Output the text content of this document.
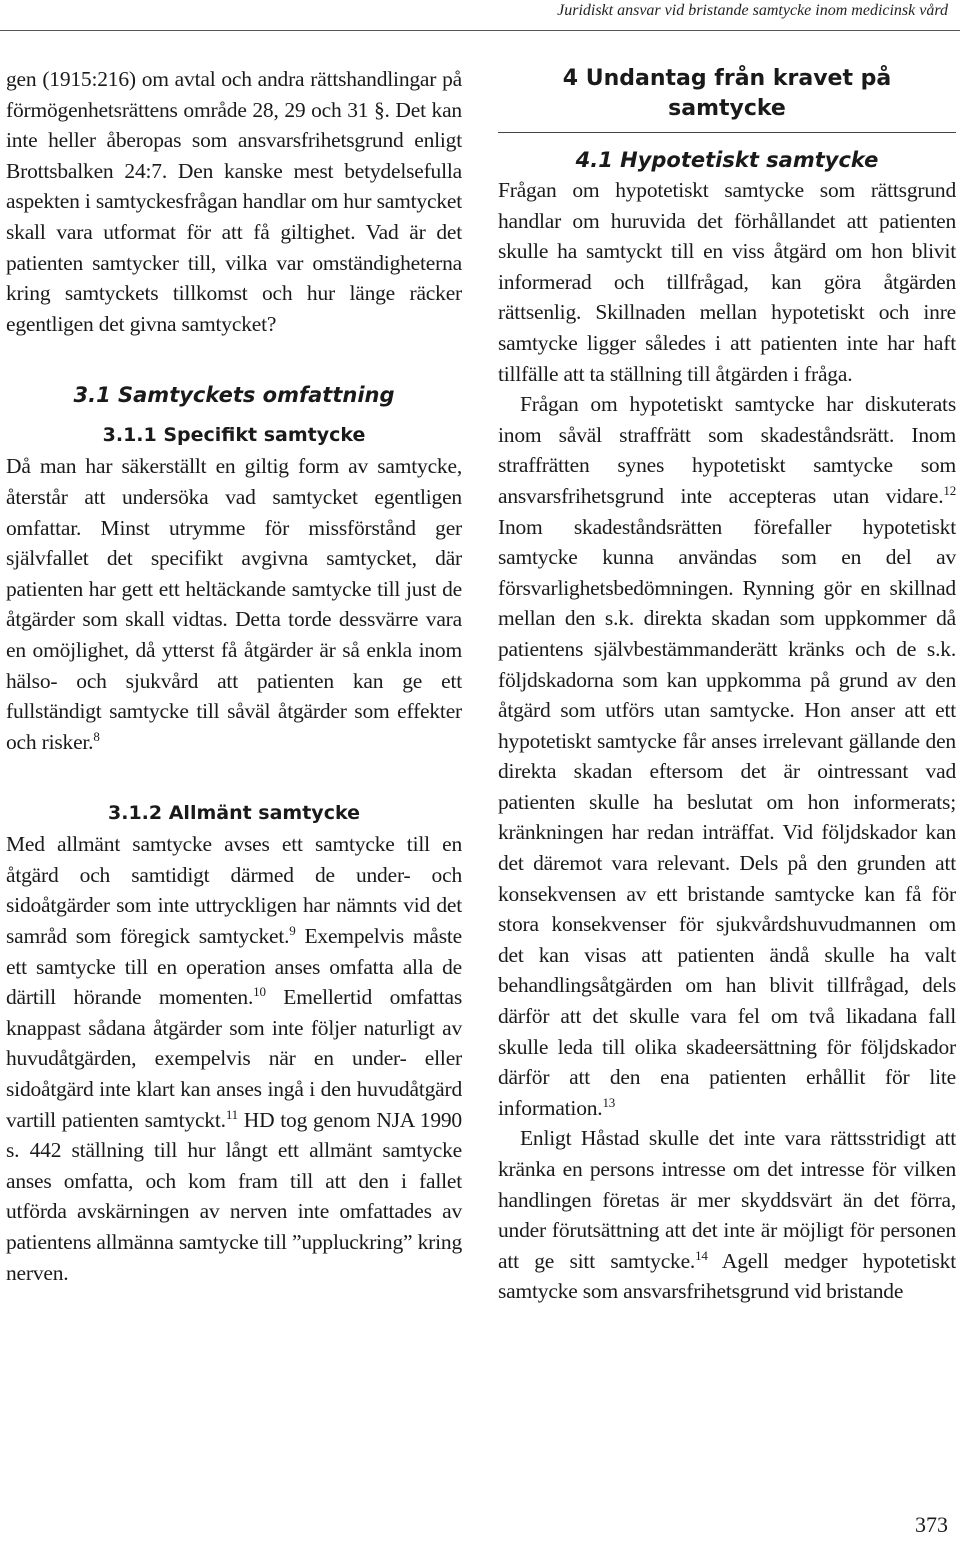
Juridiskt ansvar vid bristande samtycke inom medicinsk vård

gen (1915:216) om avtal och andra rättshandlingar på förmögenhetsrättens område 28, 29 och 31 §. Det kan inte heller åberopas som ansvarsfrihetsgrund enligt Brottsbalken 24:7. Den kanske mest betydelsefulla aspekten i samtyckesfrågan handlar om hur samtycket skall vara utformat för att få giltighet. Vad är det patienten samtycker till, vilka var omständigheterna kring samtyckets tillkomst och hur länge räcker egentligen det givna samtycket?

3.1 Samtyckets omfattning
3.1.1 Specifikt samtycke

Då man har säkerställt en giltig form av samtycke, återstår att undersöka vad samtycket egentligen omfattar. Minst utrymme för missförstånd ger självfallet det specifikt avgivna samtycket, där patienten har gett ett heltäckande samtycke till just de åtgärder som skall vidtas. Detta torde dessvärre vara en omöjlighet, då ytterst få åtgärder är så enkla inom hälso- och sjukvård att patienten kan ge ett fullständigt samtycke till såväl åtgärder som effekter och risker.$^8$

3.1.2 Allmänt samtycke

Med allmänt samtycke avses ett samtycke till en åtgärd och samtidigt därmed de under- och sidoåtgärder som inte uttryckligen har nämnts vid det samråd som föregick samtycket.$^9$ Exempelvis måste ett samtycke till en operation anses omfatta alla de därtill hörande momenten.$^{10}$ Emellertid omfattas knappast sådana åtgärder som inte följer naturligt av huvudåtgärden, exempelvis när en under- eller sidoåtgärd inte klart kan anses ingå i den huvudåtgärd vartill patienten samtyckt.$^{11}$ HD tog genom NJA 1990 s. 442 ställning till hur långt ett allmänt samtycke anses omfatta, och kom fram till att den i fallet utförda avskärningen av nerven inte omfattades av patientens allmänna samtycke till ”uppluckring” kring nerven.

4 Undantag från kravet på samtycke
4.1 Hypotetiskt samtycke

Frågan om hypotetiskt samtycke som rättsgrund handlar om huruvida det förhållandet att patienten skulle ha samtyckt till en viss åtgärd om hon blivit informerad och tillfrågad, kan göra åtgärden rättsenlig. Skillnaden mellan hypotetiskt och inre samtycke ligger således i att patienten inte har haft tillfälle att ta ställning till åtgärden i fråga.

Frågan om hypotetiskt samtycke har diskuterats inom såväl straffrätt som skadeståndsrätt. Inom straffrätten synes hypotetiskt samtycke som ansvarsfrihetsgrund inte accepteras utan vidare.$^{12}$ Inom skadeståndsrätten förefaller hypotetiskt samtycke kunna användas som en del av försvarlighetsbedömningen. Rynning gör en skillnad mellan den s.k. direkta skadan som uppkommer då patientens självbestämmanderätt kränks och de s.k. följdskadorna som kan uppkomma på grund av den åtgärd som utförs utan samtycke. Hon anser att ett hypotetiskt samtycke får anses irrelevant gällande den direkta skadan eftersom det är ointressant vad patienten skulle ha beslutat om hon informerats; kränkningen har redan inträffat. Vid följdskador kan det däremot vara relevant. Dels på den grunden att konsekvensen av ett bristande samtycke kan få för stora konsekvenser för sjukvårdshuvudmannen om det kan visas att patienten ändå skulle ha valt behandlingsåtgärden om han blivit tillfrågad, dels därför att det skulle vara fel om två likadana fall skulle leda till olika skadeersättning för följdskador därför att den ena patienten erhållit för lite information.$^{13}$

Enligt Håstad skulle det inte vara rättsstridigt att kränka en persons intresse om det intresse för vilken handlingen företas är mer skyddsvärt än det förra, under förutsättning att det inte är möjligt för personen att ge sitt samtycke.$^{14}$ Agell medger hypotetiskt samtycke som ansvarsfrihetsgrund vid bristande

373
